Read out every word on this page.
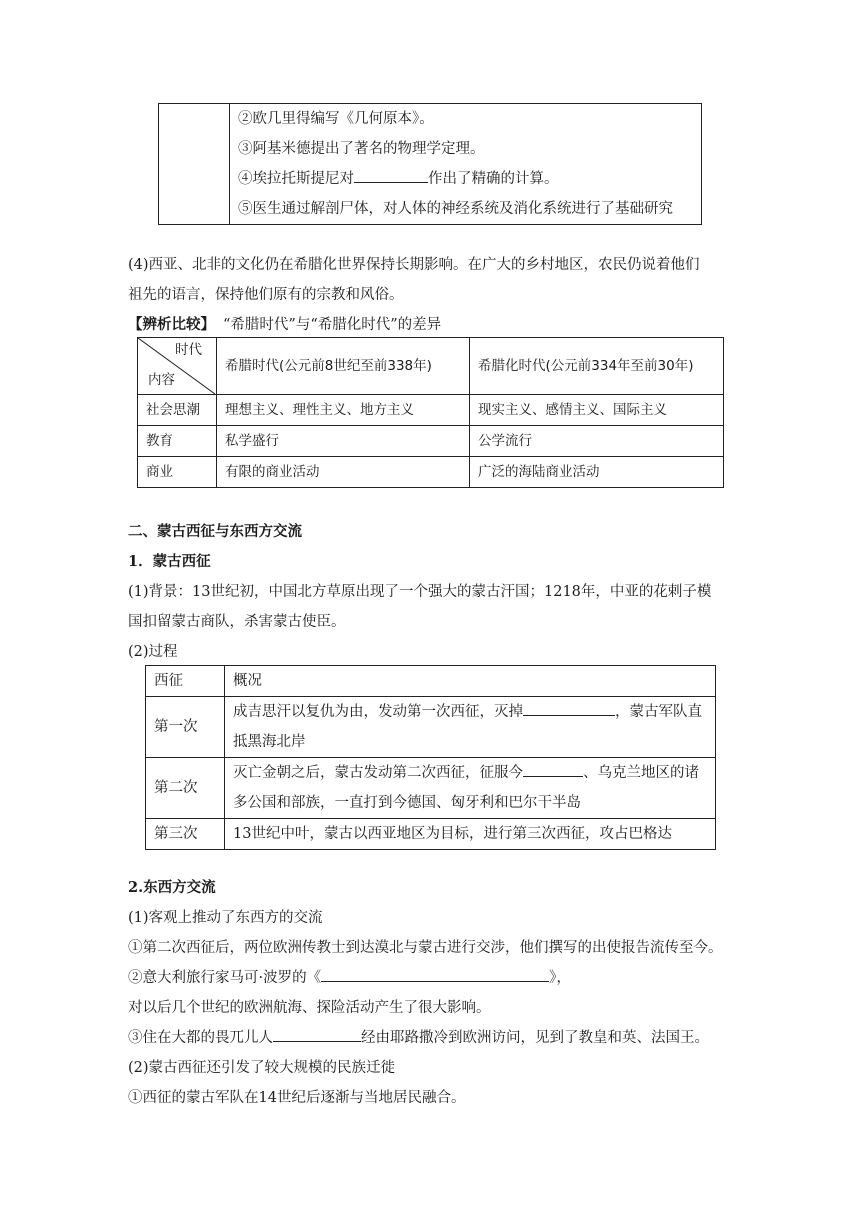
②欧几里得编写《几何原本》。
③阿基米德提出了著名的物理学定理。
④埃拉托斯提尼对	作出了精确的计算。
⑤医生通过解剖尸体，对人体的神经系统及消化系统进行了基础研究
(4)西亚、北非的文化仍在希腊化世界保持长期影响。在广大的乡村地区，农民仍说着他们
祖先的语言，保持他们原有的宗教和风俗。
【辨析比较】 “希腊时代”与“希腊化时代”的差异
时代
内容	希腊时代(公元前8世纪至前338年)	希腊化时代(公元前334年至前30年)
社会思潮	理想主义、理性主义、地方主义	现实主义、感情主义、国际主义
教育	私学盛行	公学流行
商业	有限的商业活动	广泛的海陆商业活动
二、蒙古西征与东西方交流
1．蒙古西征
(1)背景：13世纪初，中国北方草原出现了一个强大的蒙古汗国；1218年，中亚的花剌子模
国扣留蒙古商队，杀害蒙古使臣。
(2)过程
西征	概况
第一次	成吉思汗以复仇为由，发动第一次西征，灭掉 ，蒙古军队直
抵黑海北岸

第二次	灭亡金朝之后，蒙古发动第二次西征，征服今 、乌克兰地区的诸
多公国和部族，一直打到今德国、匈牙利和巴尔干半岛

第三次	13世纪中叶，蒙古以西亚地区为目标，进行第三次西征，攻占巴格达
2.东西方交流
(1)客观上推动了东西方的交流
①第二次西征后，两位欧洲传教士到达漠北与蒙古进行交涉，他们撰写的出使报告流传至今。
②意大利旅行家马可·波罗的《	》，
对以后几个世纪的欧洲航海、探险活动产生了很大影响。
③住在大都的畏兀儿人	经由耶路撒冷到欧洲访问，见到了教皇和英、法国王。
(2)蒙古西征还引发了较大规模的民族迁徙
①西征的蒙古军队在14世纪后逐渐与当地居民融合。
